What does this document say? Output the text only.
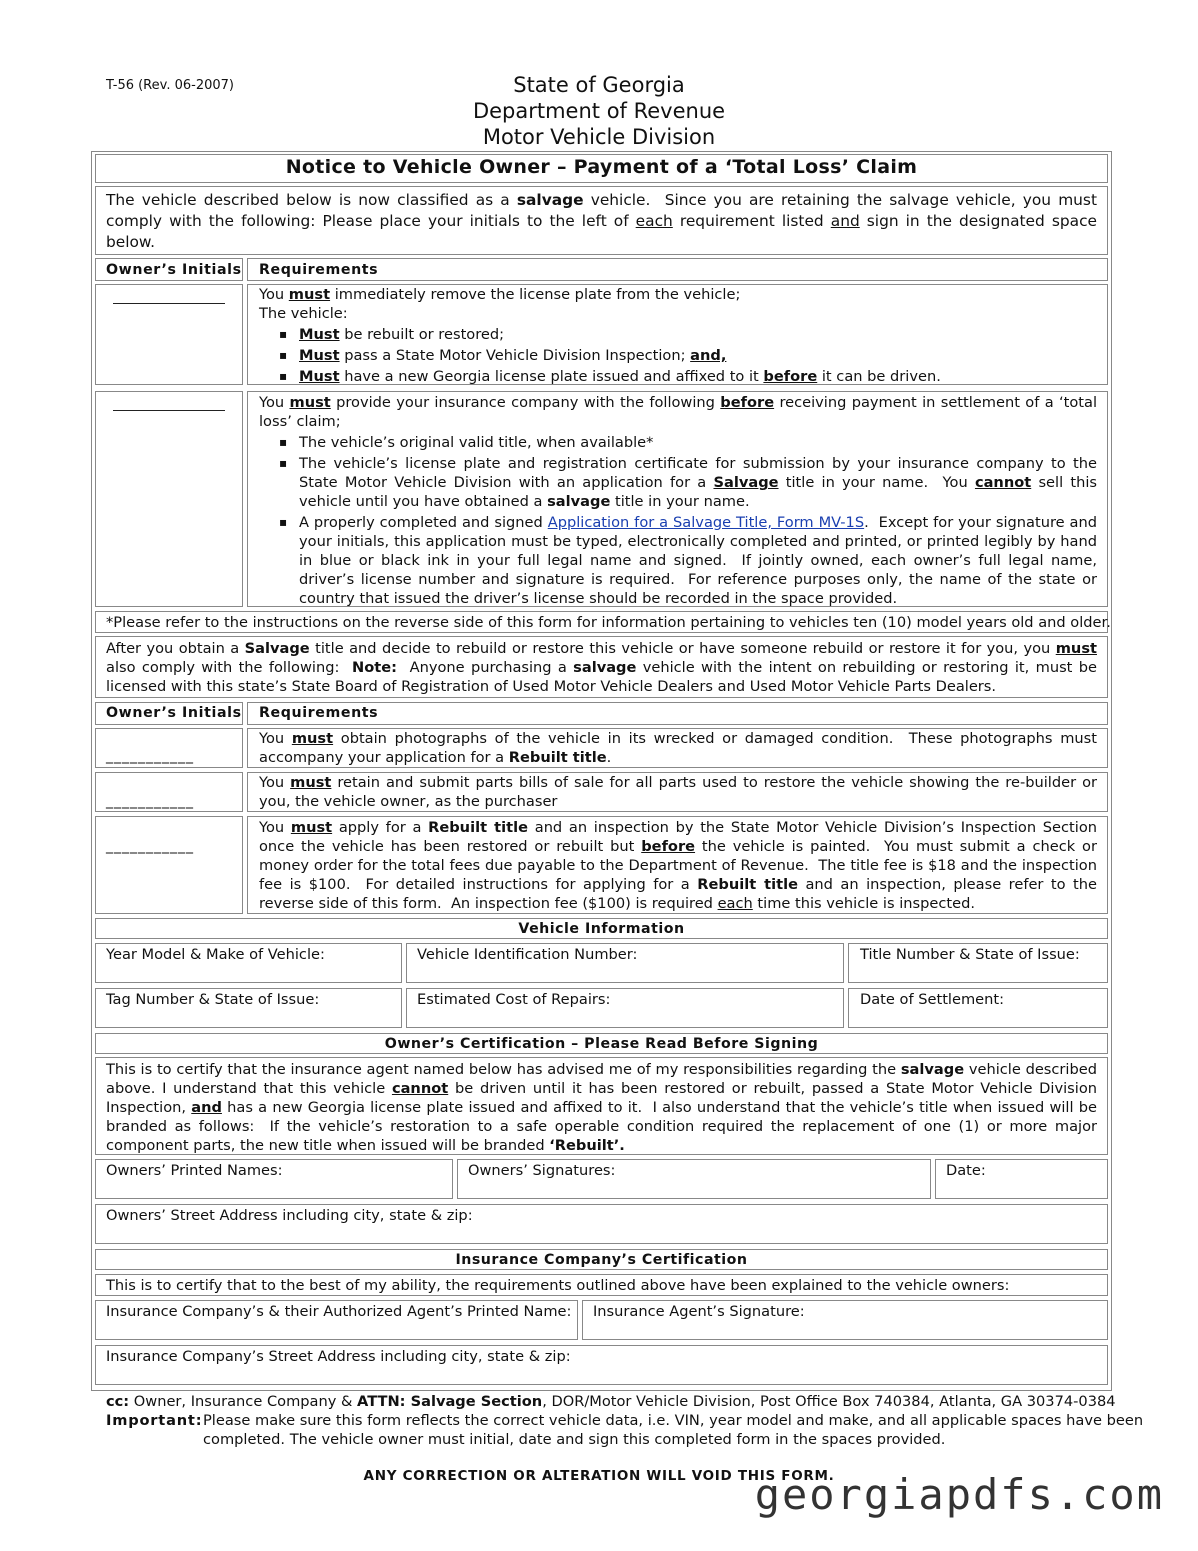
T-56 (Rev. 06-2007)	State of Georgia
Department of Revenue
Motor Vehicle Division
Notice to Vehicle Owner – Payment of a ‘Total Loss’ Claim
The vehicle described below is now classified as a salvage vehicle.  Since you are retaining the salvage vehicle, you must comply with the following: Please place your initials to the left of each requirement listed and sign in the designated space below.
Owner’s Initials Requirements
You must immediately remove the license plate from the vehicle;
The vehicle:
▪ Must be rebuilt or restored;
▪ Must pass a State Motor Vehicle Division Inspection; and,
▪ Must have a new Georgia license plate issued and affixed to it before it can be driven.
You must provide your insurance company with the following before receiving payment in settlement of a ‘total loss’ claim;
▪ The vehicle’s original valid title, when available*
▪ The vehicle’s license plate and registration certificate for submission by your insurance company to the State Motor Vehicle Division with an application for a Salvage title in your name.  You cannot sell this vehicle until you have obtained a salvage title in your name.
▪ A properly completed and signed Application for a Salvage Title, Form MV-1S.  Except for your signature and your initials, this application must be typed, electronically completed and printed, or printed legibly by hand in blue or black ink in your full legal name and signed.  If jointly owned, each owner’s full legal name, driver’s license number and signature is required.  For reference purposes only, the name of the state or country that issued the driver’s license should be recorded in the space provided.
*Please refer to the instructions on the reverse side of this form for information pertaining to vehicles ten (10) model years old and older.
After you obtain a Salvage title and decide to rebuild or restore this vehicle or have someone rebuild or restore it for you, you must also comply with the following:  Note:  Anyone purchasing a salvage vehicle with the intent on rebuilding or restoring it, must be licensed with this state’s State Board of Registration of Used Motor Vehicle Dealers and Used Motor Vehicle Parts Dealers.
Owner’s Initials Requirements
___________
You must obtain photographs of the vehicle in its wrecked or damaged condition.  These photographs must accompany your application for a Rebuilt title.
___________
You must retain and submit parts bills of sale for all parts used to restore the vehicle showing the re-builder or you, the vehicle owner, as the purchaser
___________
You must apply for a Rebuilt title and an inspection by the State Motor Vehicle Division’s Inspection Section once the vehicle has been restored or rebuilt but before the vehicle is painted.  You must submit a check or money order for the total fees due payable to the Department of Revenue.  The title fee is $18 and the inspection fee is $100.  For detailed instructions for applying for a Rebuilt title and an inspection, please refer to the reverse side of this form.  An inspection fee ($100) is required each time this vehicle is inspected.
Vehicle Information
Year Model & Make of Vehicle:	Vehicle Identification Number:	Title Number & State of Issue:
Tag Number & State of Issue:	Estimated Cost of Repairs:	Date of Settlement:
Owner’s Certification – Please Read Before Signing
This is to certify that the insurance agent named below has advised me of my responsibilities regarding the salvage vehicle described above. I understand that this vehicle cannot be driven until it has been restored or rebuilt, passed a State Motor Vehicle Division Inspection, and has a new Georgia license plate issued and affixed to it.  I also understand that the vehicle’s title when issued will be branded as follows:  If the vehicle’s restoration to a safe operable condition required the replacement of one (1) or more major component parts, the new title when issued will be branded ‘Rebuilt’.
Owners’ Printed Names:	Owners’ Signatures:	Date:
Owners’ Street Address including city, state & zip:
Insurance Company’s Certification
This is to certify that to the best of my ability, the requirements outlined above have been explained to the vehicle owners:
Insurance Company’s & their Authorized Agent’s Printed Name: Insurance Agent’s Signature:
Insurance Company’s Street Address including city, state & zip:
cc: Owner, Insurance Company & ATTN: Salvage Section, DOR/Motor Vehicle Division, Post Office Box 740384, Atlanta, GA 30374-0384
Important: Please make sure this form reflects the correct vehicle data, i.e. VIN, year model and make, and all applicable spaces have been
completed. The vehicle owner must initial, date and sign this completed form in the spaces provided.
ANY CORRECTION OR ALTERATION WILL VOID THIS FORM.
georgiapdfs.com
